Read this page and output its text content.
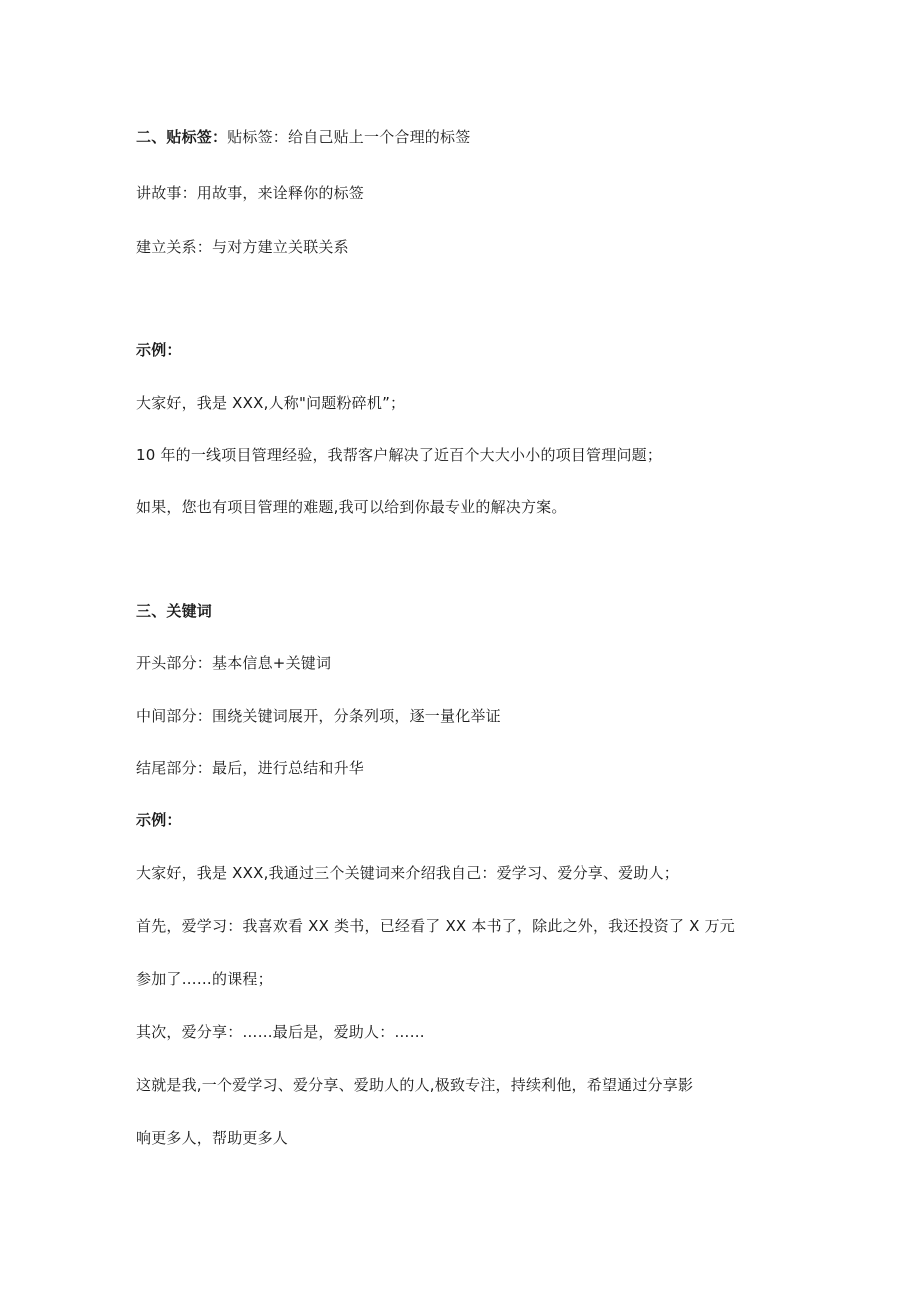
二、贴标签：贴标签：给自己贴上一个合理的标签
讲故事：用故事，来诠释你的标签
建立关系：与对方建立关联关系
示例：
大家好，我是 XXX,人称"问题粉碎机”；
10 年的一线项目管理经验，我帮客户解决了近百个大大小小的项目管理问题；
如果，您也有项目管理的难题,我可以给到你最专业的解决方案。
三、关键词
开头部分：基本信息+关键词
中间部分：围绕关键词展开，分条列项，逐一量化举证
结尾部分：最后，进行总结和升华
示例：
大家好，我是 XXX,我通过三个关键词来介绍我自己：爱学习、爱分享、爱助人；
首先，爱学习：我喜欢看 XX 类书，已经看了 XX 本书了，除此之外，我还投资了 X 万元
参加了……的课程；
其次，爱分享：……最后是，爱助人：……
这就是我,一个爱学习、爱分享、爱助人的人,极致专注，持续利他，希望通过分享影
响更多人，帮助更多人
